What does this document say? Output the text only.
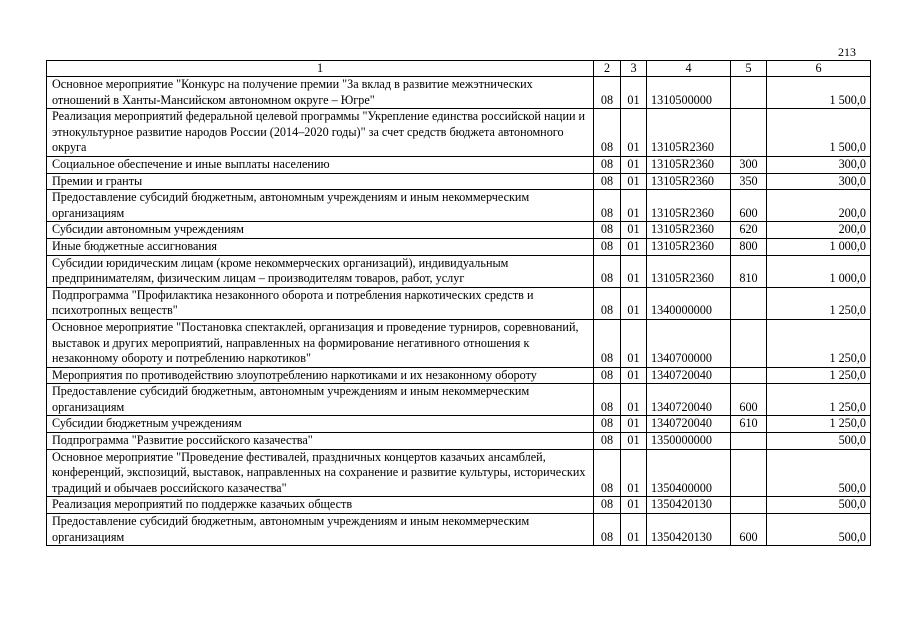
213
1	2	3	4	5	6
Основное мероприятие "Конкурс на получение премии "За вклад в развитие межэтнических отношений в Ханты-Мансийском автономном округе – Югре"	08	01	1310500000		1 500,0
Реализация мероприятий федеральной целевой программы "Укрепление единства российской нации и этнокультурное развитие народов России (2014–2020 годы)" за счет средств бюджета автономного округа	08	01	13105R2360		1 500,0
Социальное обеспечение и иные выплаты населению	08	01	13105R2360	300	300,0
Премии и гранты	08	01	13105R2360	350	300,0
Предоставление субсидий бюджетным, автономным учреждениям и иным некоммерческим организациям	08	01	13105R2360	600	200,0
Субсидии автономным учреждениям	08	01	13105R2360	620	200,0
Иные бюджетные ассигнования	08	01	13105R2360	800	1 000,0
Субсидии юридическим лицам (кроме некоммерческих организаций), индивидуальным предпринимателям, физическим лицам – производителям товаров, работ, услуг	08	01	13105R2360	810	1 000,0
Подпрограмма "Профилактика незаконного оборота и потребления наркотических средств и психотропных веществ"	08	01	1340000000		1 250,0
Основное мероприятие "Постановка спектаклей, организация и проведение турниров, соревнований, выставок и других мероприятий, направленных на формирование негативного отношения к незаконному обороту и потреблению наркотиков"	08	01	1340700000		1 250,0
Мероприятия по противодействию злоупотреблению наркотиками и их незаконному обороту	08	01	1340720040		1 250,0
Предоставление субсидий бюджетным, автономным учреждениям и иным некоммерческим организациям	08	01	1340720040	600	1 250,0
Субсидии бюджетным учреждениям	08	01	1340720040	610	1 250,0
Подпрограмма "Развитие российского казачества"	08	01	1350000000		500,0
Основное мероприятие "Проведение фестивалей, праздничных концертов казачьих ансамблей, конференций, экспозиций, выставок, направленных на сохранение и развитие культуры, исторических традиций и обычаев российского казачества"	08	01	1350400000		500,0
Реализация мероприятий по поддержке казачьих обществ	08	01	1350420130		500,0
Предоставление субсидий бюджетным, автономным учреждениям и иным некоммерческим организациям	08	01	1350420130	600	500,0
